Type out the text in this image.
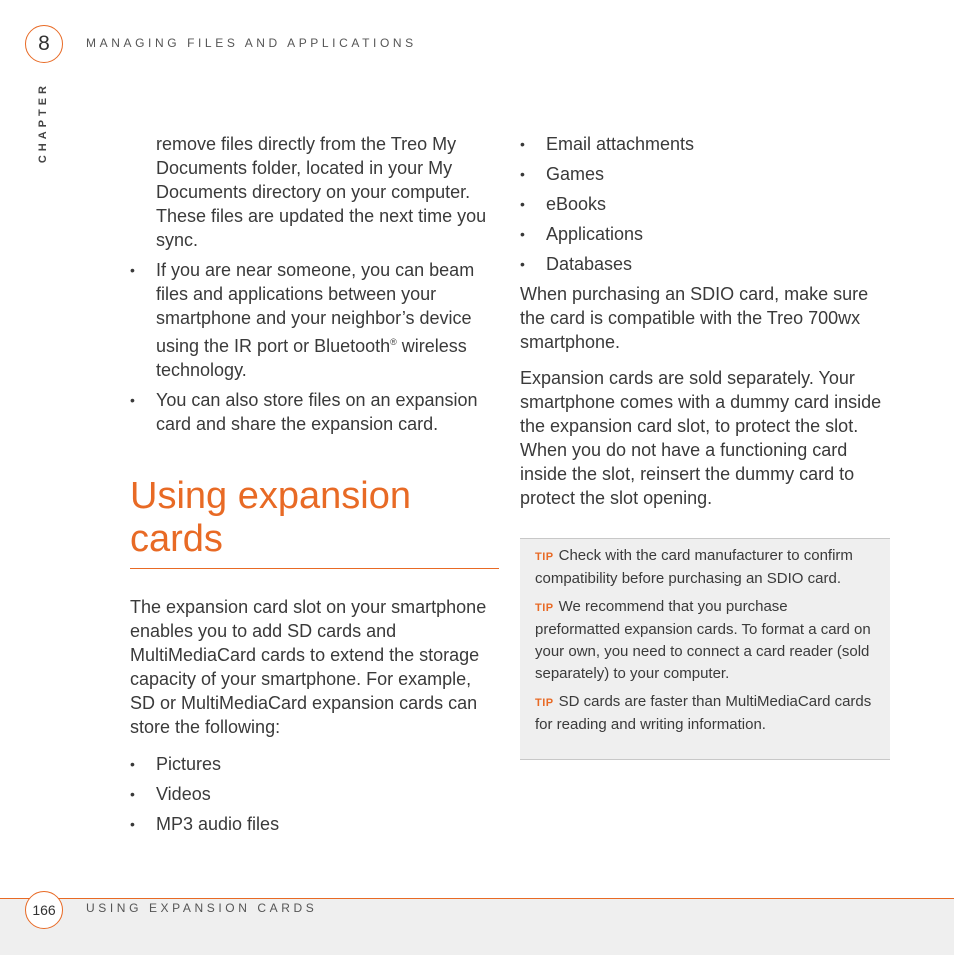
8	MANAGING FILES AND APPLICATIONS
CHAPTER	remove files directly from the Treo My Documents folder, located in your My Documents directory on your computer. These files are updated the next time you sync.

•	If you are near someone, you can beam files and applications between your smartphone and your neighbor’s device using the IR port or Bluetooth® wireless technology.
•	You can also store files on an expansion card and share the expansion card.
Using expansion cards

The expansion card slot on your smartphone enables you to add SD cards and MultiMediaCard cards to extend the storage capacity of your smartphone. For example, SD or MultiMediaCard expansion cards can store the following:

•	Pictures
•	Videos
•	MP3 audio files
•	Email attachments
•	Games
•	eBooks
•	Applications
•	Databases

When purchasing an SDIO card, make sure the card is compatible with the Treo 700wx smartphone.

Expansion cards are sold separately. Your smartphone comes with a dummy card inside the expansion card slot, to protect the slot. When you do not have a functioning card inside the slot, reinsert the dummy card to protect the slot opening.

TIP Check with the card manufacturer to confirm compatibility before purchasing an SDIO card.
TIP We recommend that you purchase preformatted expansion cards. To format a card on your own, you need to connect a card reader (sold separately) to your computer.
TIP SD cards are faster than MultiMediaCard cards for reading and writing information.
166	USING EXPANSION CARDS
